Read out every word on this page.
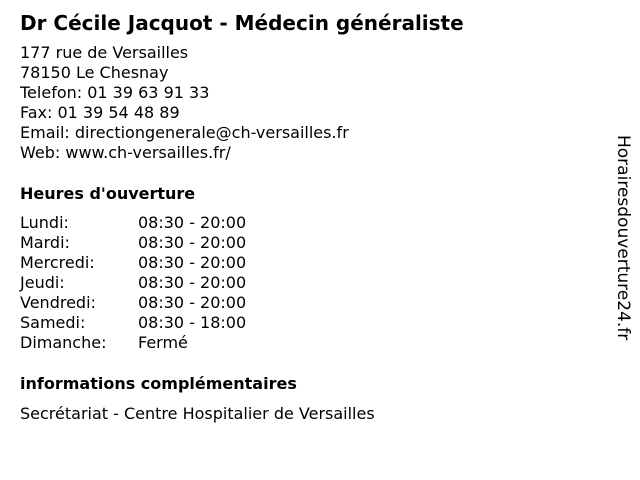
Dr Cécile Jacquot - Médecin généraliste
177 rue de Versailles
78150 Le Chesnay
Telefon: 01 39 63 91 33
Fax: 01 39 54 48 89
Email: directiongenerale@ch-versailles.fr
Web: www.ch-versailles.fr/
Heures d'ouverture
Lundi:	08:30 - 20:00
Mardi:	08:30 - 20:00
Mercredi:	08:30 - 20:00
Jeudi:	08:30 - 20:00
Vendredi:	08:30 - 20:00
Samedi:	08:30 - 18:00
Dimanche: Fermé
informations complémentaires
Secrétariat - Centre Hospitalier de Versailles
Horairesdouverture24.fr
